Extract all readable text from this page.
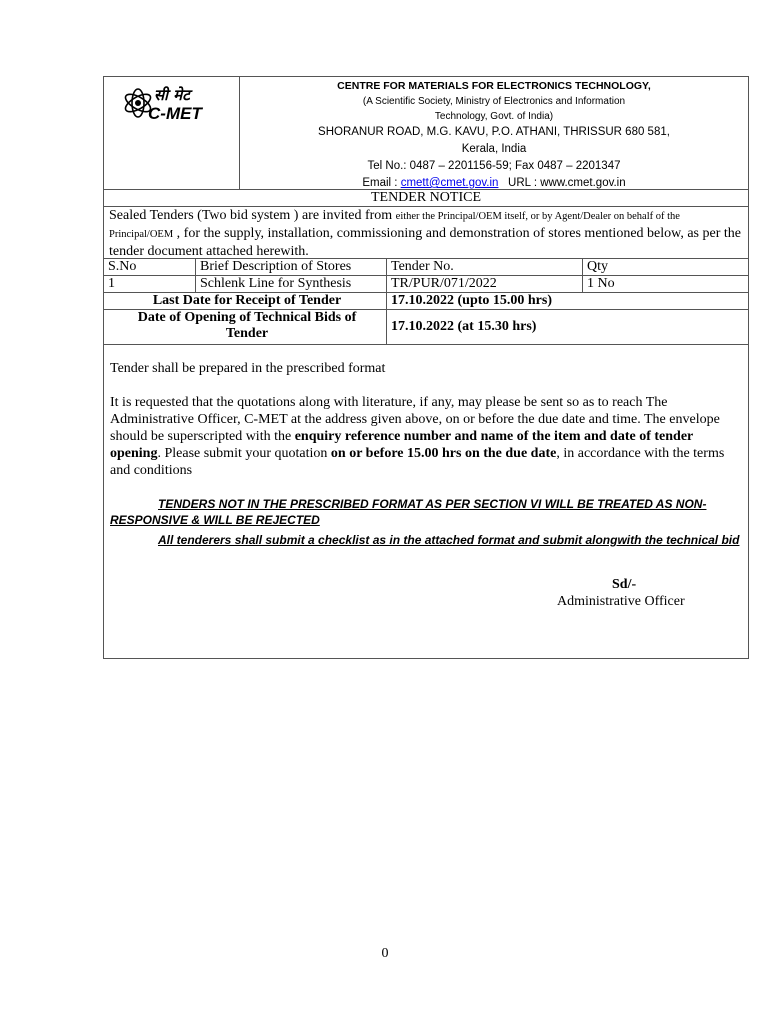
सी मेट
C-MET
CENTRE FOR MATERIALS FOR ELECTRONICS TECHNOLOGY,
(A Scientific Society, Ministry of Electronics and Information
Technology, Govt. of India)
SHORANUR ROAD, M.G. KAVU, P.O. ATHANI, THRISSUR 680 581,
Kerala, India
Tel No.: 0487 – 2201156-59; Fax 0487 – 2201347
Email : cmett@cmet.gov.in URL : www.cmet.gov.in
TENDER NOTICE
Sealed Tenders (Two bid system ) are invited from either the Principal/OEM itself, or by Agent/Dealer on behalf of the Principal/OEM , for the supply, installation, commissioning and demonstration of stores mentioned below, as per the tender document attached herewith.
S.No	Brief Description of Stores	Tender No.	Qty
1	Schlenk Line for Synthesis	TR/PUR/071/2022	1 No
Last Date for Receipt of Tender	17.10.2022 (upto 15.00 hrs)
Date of Opening of Technical Bids of Tender	17.10.2022 (at 15.30 hrs)

Tender shall be prepared in the prescribed format

It is requested that the quotations along with literature, if any, may please be sent so as to reach The Administrative Officer, C-MET at the address given above, on or before the due date and time. The envelope should be superscripted with the enquiry reference number and name of the item and date of tender opening. Please submit your quotation on or before 15.00 hrs on the due date, in accordance with the terms and conditions

TENDERS NOT IN THE PRESCRIBED FORMAT AS PER SECTION VI WILL BE TREATED AS NON- RESPONSIVE & WILL BE REJECTED

All tenderers shall submit a checklist as in the attached format and submit alongwith the technical bid

Sd/-
Administrative Officer
0
